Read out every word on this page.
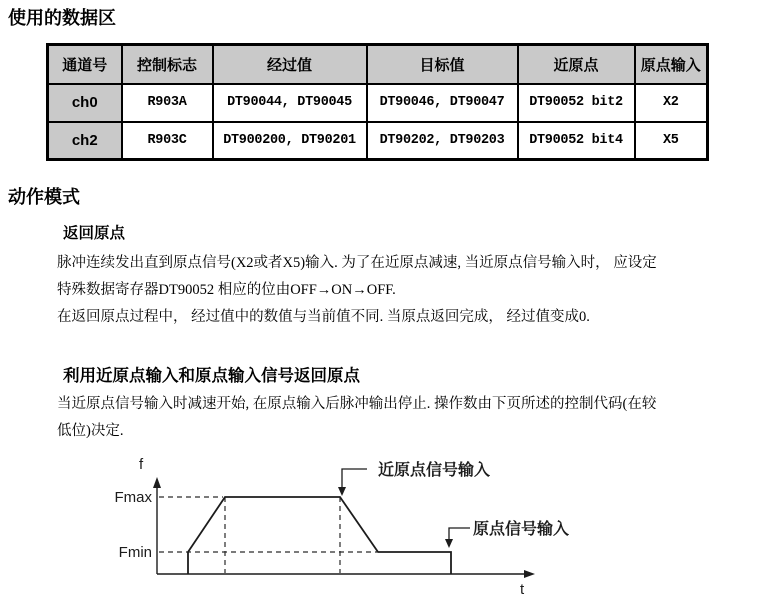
使用的数据区
通道号	控制标志	经过值	目标值	近原点	原点输入
ch0	R903A	DT90044, DT90045	DT90046, DT90047	DT90052 bit2	X2
ch2	R903C	DT900200, DT90201	DT90202, DT90203	DT90052 bit4	X5
动作模式
返回原点
脉冲连续发出直到原点信号(X2或者X5)输入. 为了在近原点减速, 当近原点信号输入时， 应设定
特殊数据寄存器DT90052 相应的位由OFF→ON→OFF.
在返回原点过程中， 经过值中的数值与当前值不同. 当原点返回完成， 经过值变成0.
利用近原点输入和原点输入信号返回原点
当近原点信号输入时减速开始, 在原点输入后脉冲输出停止. 操作数由下页所述的控制代码(在较
低位)决定.
f
t
Fmax
Fmin
近原点信号输入
原点信号输入
